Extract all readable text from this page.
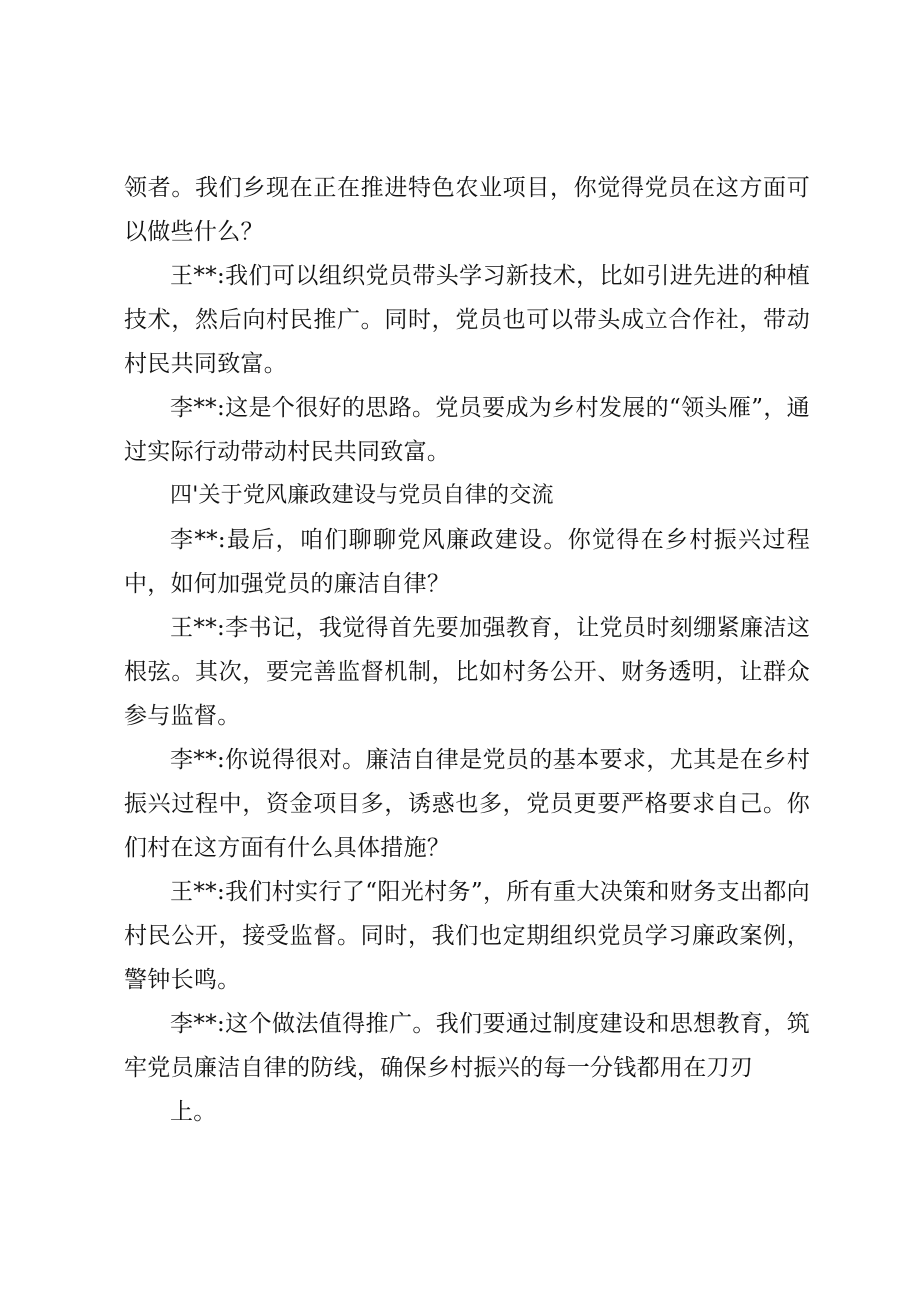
领者。我们乡现在正在推进特色农业项目，你觉得党员在这方面可以做些什么？

王**:我们可以组织党员带头学习新技术，比如引进先进的种植技术，然后向村民推广。同时，党员也可以带头成立合作社，带动村民共同致富。

李**:这是个很好的思路。党员要成为乡村发展的“领头雁”，通过实际行动带动村民共同致富。

四'关于党风廉政建设与党员自律的交流

李**:最后，咱们聊聊党风廉政建设。你觉得在乡村振兴过程中，如何加强党员的廉洁自律？

王**:李书记，我觉得首先要加强教育，让党员时刻绷紧廉洁这根弦。其次，要完善监督机制，比如村务公开、财务透明，让群众参与监督。

李**:你说得很对。廉洁自律是党员的基本要求，尤其是在乡村振兴过程中，资金项目多，诱惑也多，党员更要严格要求自己。你们村在这方面有什么具体措施？

王**:我们村实行了“阳光村务”，所有重大决策和财务支出都向村民公开，接受监督。同时，我们也定期组织党员学习廉政案例，警钟长鸣。

李**:这个做法值得推广。我们要通过制度建设和思想教育，筑牢党员廉洁自律的防线，确保乡村振兴的每一分钱都用在刀刃
上。
